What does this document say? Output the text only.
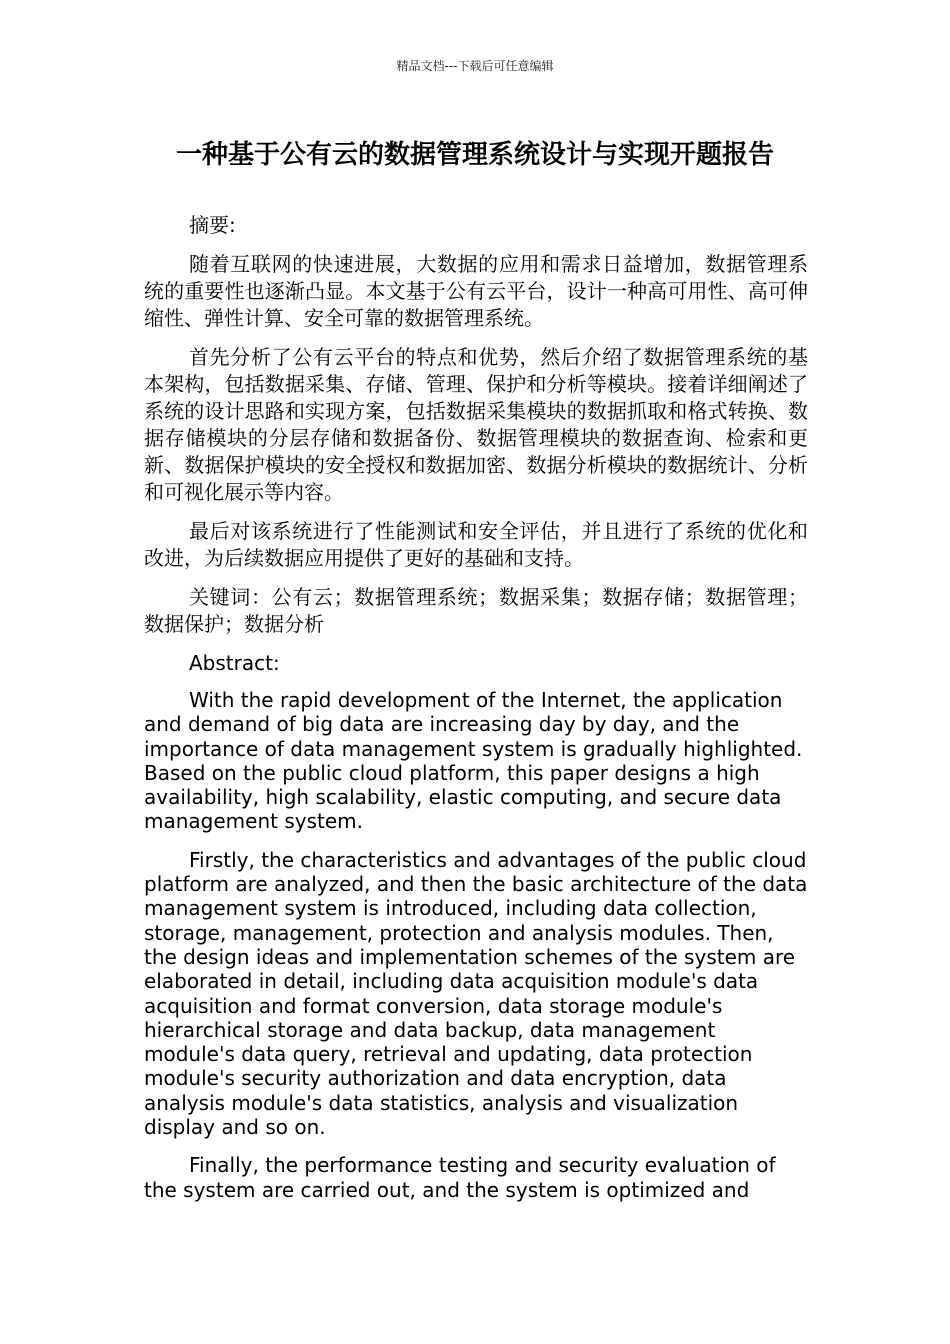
精品文档---下载后可任意编辑
一种基于公有云的数据管理系统设计与实现开题报告

摘要:

随着互联网的快速进展，大数据的应用和需求日益增加，数据管理系统的重要性也逐渐凸显。本文基于公有云平台，设计一种高可用性、高可伸缩性、弹性计算、安全可靠的数据管理系统。

首先分析了公有云平台的特点和优势，然后介绍了数据管理系统的基本架构，包括数据采集、存储、管理、保护和分析等模块。接着详细阐述了系统的设计思路和实现方案，包括数据采集模块的数据抓取和格式转换、数据存储模块的分层存储和数据备份、数据管理模块的数据查询、检索和更新、数据保护模块的安全授权和数据加密、数据分析模块的数据统计、分析和可视化展示等内容。

最后对该系统进行了性能测试和安全评估，并且进行了系统的优化和改进，为后续数据应用提供了更好的基础和支持。

关键词：公有云；数据管理系统；数据采集；数据存储；数据管理；数据保护；数据分析

Abstract:

With the rapid development of the Internet, the application and demand of big data are increasing day by day, and the importance of data management system is gradually highlighted. Based on the public cloud platform, this paper designs a high availability, high scalability, elastic computing, and secure data management system.

Firstly, the characteristics and advantages of the public cloud platform are analyzed, and then the basic architecture of the data management system is introduced, including data collection, storage, management, protection and analysis modules. Then, the design ideas and implementation schemes of the system are elaborated in detail, including data acquisition module's data acquisition and format conversion, data storage module's hierarchical storage and data backup, data management module's data query, retrieval and updating, data protection module's security authorization and data encryption, data analysis module's data statistics, analysis and visualization display and so on.

Finally, the performance testing and security evaluation of the system are carried out, and the system is optimized and
